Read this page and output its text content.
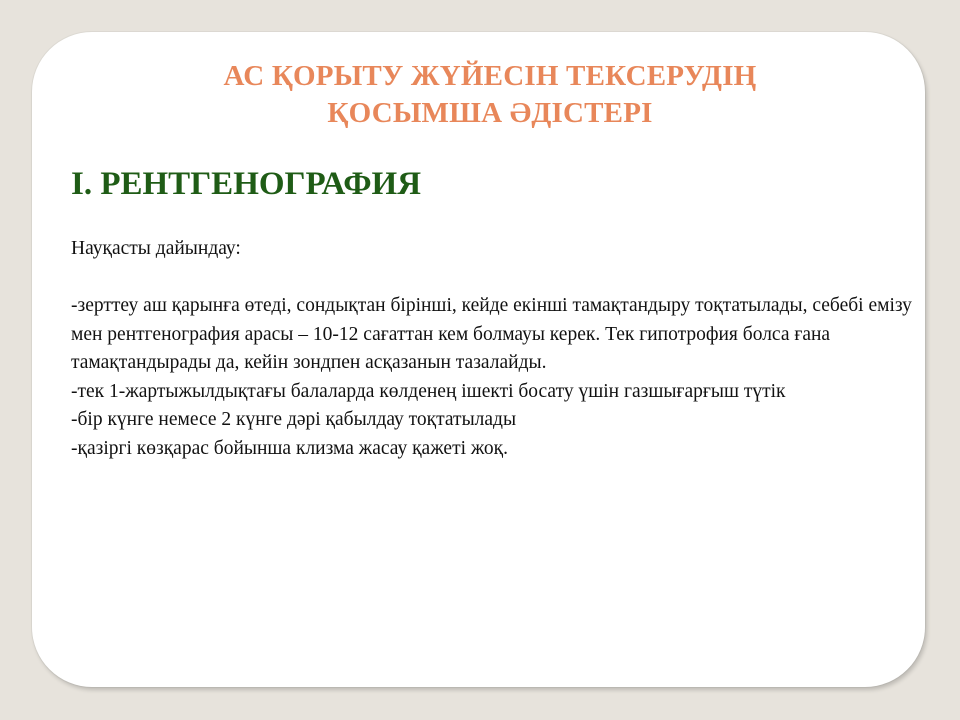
АС ҚОРЫТУ ЖҮЙЕСІН ТЕКСЕРУДІҢ
ҚОСЫМША ӘДІСТЕРІ
І. РЕНТГЕНОГРАФИЯ

Науқасты дайындау:

-зерттеу аш қарынға өтеді, сондықтан бірінші, кейде екінші тамақтандыру тоқтатылады, себебі емізу мен рентгенография арасы – 10-12 сағаттан кем болмауы керек. Тек гипотрофия болса ғана тамақтандырады да, кейін зондпен асқазанын тазалайды.

-тек 1-жартыжылдықтағы балаларда көлденең ішекті босату үшін газшығарғыш түтік

-бір күнге немесе 2 күнге дәрі қабылдау тоқтатылады

-қазіргі көзқарас бойынша клизма жасау қажеті жоқ.
